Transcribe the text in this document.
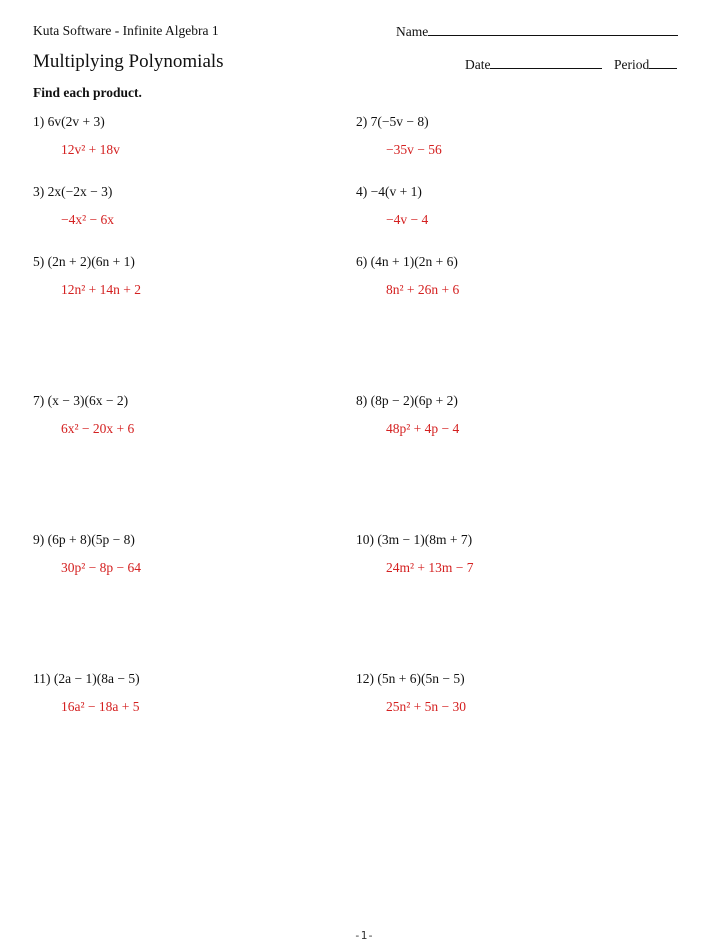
Kuta Software - Infinite Algebra 1	Name
Multiplying Polynomials	Date	Period
Find each product.
1) 6v(2v + 3)
12v² + 18v
2) 7(−5v − 8)
−35v − 56
3) 2x(−2x − 3)
−4x² − 6x
4) −4(v + 1)
−4v − 4
5) (2n + 2)(6n + 1)
12n² + 14n + 2
6) (4n + 1)(2n + 6)
8n² + 26n + 6
7) (x − 3)(6x − 2)
6x² − 20x + 6
8) (8p − 2)(6p + 2)
48p² + 4p − 4
9) (6p + 8)(5p − 8)
30p² − 8p − 64
10) (3m − 1)(8m + 7)
24m² + 13m − 7
11) (2a − 1)(8a − 5)
16a² − 18a + 5
12) (5n + 6)(5n − 5)
25n² + 5n − 30
-1-
